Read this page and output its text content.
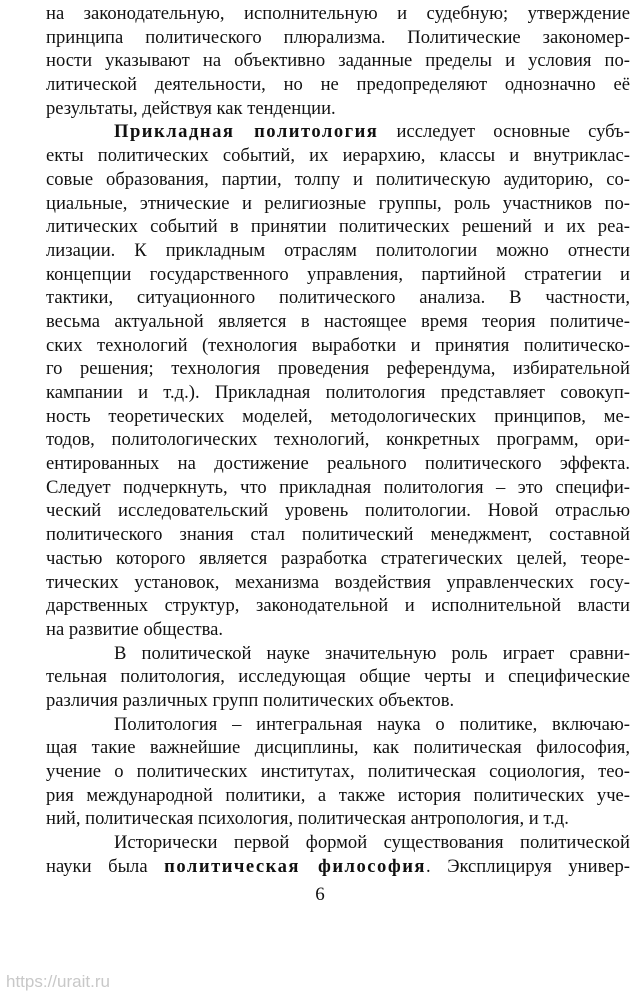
на законодательную, исполнительную и судебную; утверждение
принципа политического плюрализма. Политические закономер-
ности указывают на объективно заданные пределы и условия по-
литической деятельности, но не предопределяют однозначно её
результаты, действуя как тенденции.
Прикладная политология исследует основные субъ-
екты политических событий, их иерархию, классы и внутриклас-
совые образования, партии, толпу и политическую аудиторию, со-
циальные, этнические и религиозные группы, роль участников по-
литических событий в принятии политических решений и их реа-
лизации. К прикладным отраслям политологии можно отнести
концепции государственного управления, партийной стратегии и
тактики, ситуационного политического анализа. В частности,
весьма актуальной является в настоящее время теория политиче-
ских технологий (технология выработки и принятия политическо-
го решения; технология проведения референдума, избирательной
кампании и т.д.). Прикладная политология представляет совокуп-
ность теоретических моделей, методологических принципов, ме-
тодов, политологических технологий, конкретных программ, ори-
ентированных на достижение реального политического эффекта.
Следует подчеркнуть, что прикладная политология – это специфи-
ческий исследовательский уровень политологии. Новой отраслью
политического знания стал политический менеджмент, составной
частью которого является разработка стратегических целей, теоре-
тических установок, механизма воздействия управленческих госу-
дарственных структур, законодательной и исполнительной власти
на развитие общества.
В политической науке значительную роль играет сравни-
тельная политология, исследующая общие черты и специфические
различия различных групп политических объектов.
Политология – интегральная наука о политике, включаю-
щая такие важнейшие дисциплины, как политическая философия,
учение о политических институтах, политическая социология, тео-
рия международной политики, а также история политических уче-
ний, политическая психология, политическая антропология, и т.д.
Исторически первой формой существования политической
науки была политическая философия. Эксплицируя универ-
6
https://urait.ru
